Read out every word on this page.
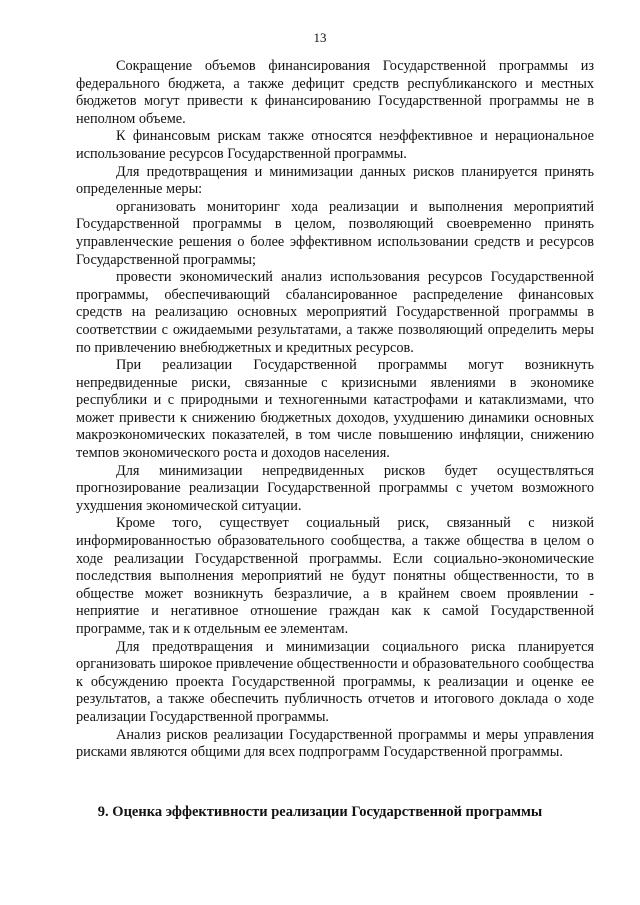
13

Сокращение объемов финансирования Государственной программы из федерального бюджета, а также дефицит средств республиканского и местных бюджетов могут привести к финансированию Государственной программы не в неполном объеме.

К финансовым рискам также относятся неэффективное и нерациональное использование ресурсов Государственной программы.

Для предотвращения и минимизации данных рисков планируется принять определенные меры:

организовать мониторинг хода реализации и выполнения мероприятий Государственной программы в целом, позволяющий своевременно принять управленческие решения о более эффективном использовании средств и ресурсов Государственной программы;

провести экономический анализ использования ресурсов Государственной программы, обеспечивающий сбалансированное распределение финансовых средств на реализацию основных мероприятий Государственной программы в соответствии с ожидаемыми результатами, а также позволяющий определить меры по привлечению внебюджетных и кредитных ресурсов.

При реализации Государственной программы могут возникнуть непредвиденные риски, связанные с кризисными явлениями в экономике республики и с природными и техногенными катастрофами и катаклизмами, что может привести к снижению бюджетных доходов, ухудшению динамики основных макроэкономических показателей, в том числе повышению инфляции, снижению темпов экономического роста и доходов населения.

Для минимизации непредвиденных рисков будет осуществляться прогнозирование реализации Государственной программы с учетом возможного ухудшения экономической ситуации.

Кроме того, существует социальный риск, связанный с низкой информированностью образовательного сообщества, а также общества в целом о ходе реализации Государственной программы. Если социально-экономические последствия выполнения мероприятий не будут понятны общественности, то в обществе может возникнуть безразличие, а в крайнем своем проявлении - неприятие и негативное отношение граждан как к самой Государственной программе, так и к отдельным ее элементам.

Для предотвращения и минимизации социального риска планируется организовать широкое привлечение общественности и образовательного сообщества к обсуждению проекта Государственной программы, к реализации и оценке ее результатов, а также обеспечить публичность отчетов и итогового доклада о ходе реализации Государственной программы.

Анализ рисков реализации Государственной программы и меры управления рисками являются общими для всех подпрограмм Государственной программы.

9. Оценка эффективности реализации Государственной программы
